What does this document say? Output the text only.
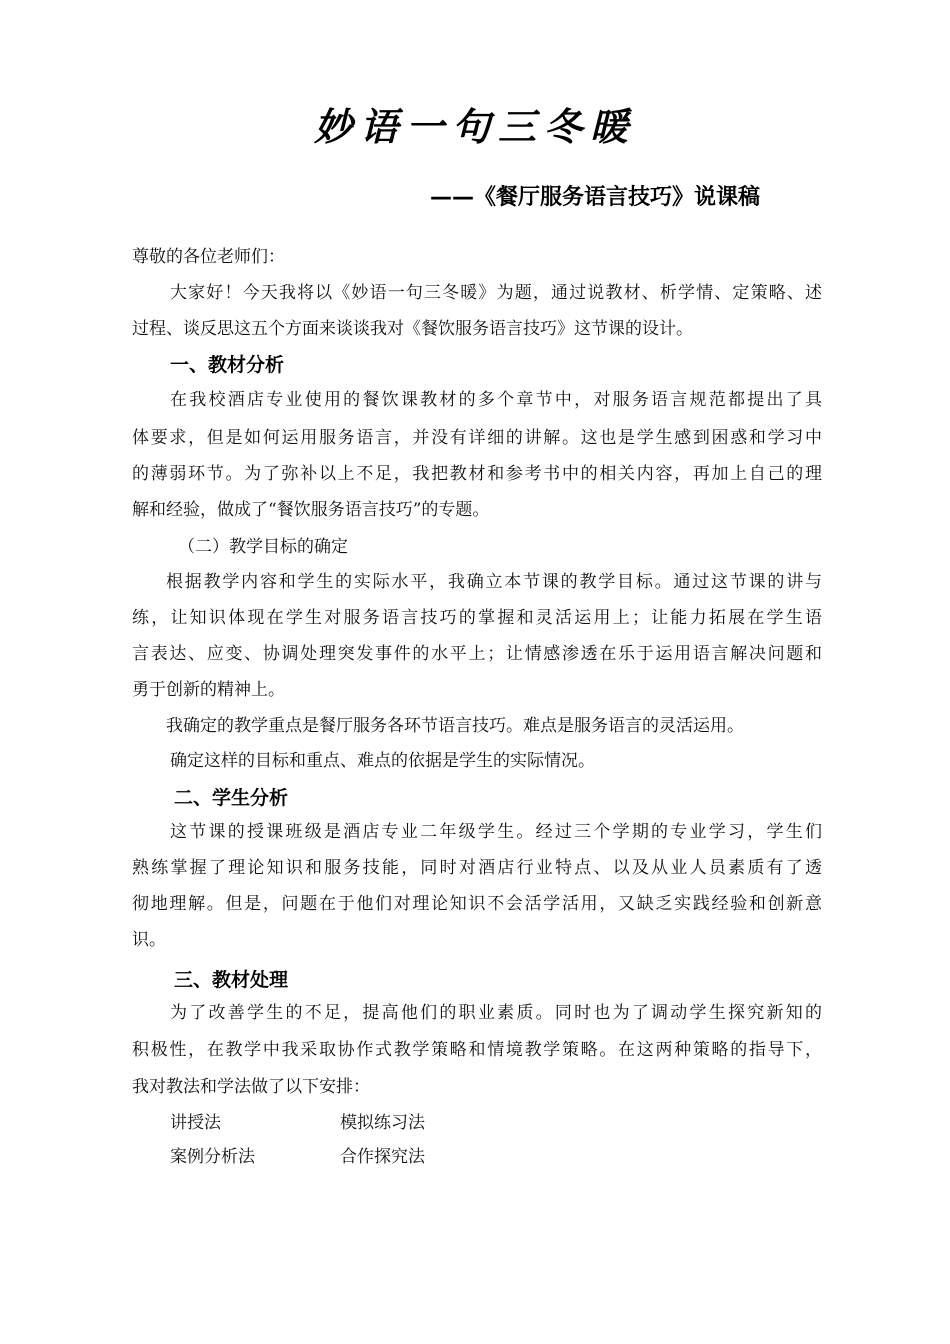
妙语一句三冬暖
——《餐厅服务语言技巧》说课稿
尊敬的各位老师们：
大家好！今天我将以《妙语一句三冬暖》为题，通过说教材、析学情、定策略、述
过程、谈反思这五个方面来谈谈我对《餐饮服务语言技巧》这节课的设计。
一、教材分析
在我校酒店专业使用的餐饮课教材的多个章节中，对服务语言规范都提出了具
体要求，但是如何运用服务语言，并没有详细的讲解。这也是学生感到困惑和学习中
的薄弱环节。为了弥补以上不足，我把教材和参考书中的相关内容，再加上自己的理
解和经验，做成了“餐饮服务语言技巧”的专题。
（二）教学目标的确定
根据教学内容和学生的实际水平，我确立本节课的教学目标。通过这节课的讲与
练，让知识体现在学生对服务语言技巧的掌握和灵活运用上；让能力拓展在学生语
言表达、应变、协调处理突发事件的水平上；让情感渗透在乐于运用语言解决问题和
勇于创新的精神上。
我确定的教学重点是餐厅服务各环节语言技巧。难点是服务语言的灵活运用。
确定这样的目标和重点、难点的依据是学生的实际情况。
二、学生分析
这节课的授课班级是酒店专业二年级学生。经过三个学期的专业学习，学生们
熟练掌握了理论知识和服务技能，同时对酒店行业特点、以及从业人员素质有了透
彻地理解。但是，问题在于他们对理论知识不会活学活用，又缺乏实践经验和创新意
识。
三、教材处理
为了改善学生的不足，提高他们的职业素质。同时也为了调动学生探究新知的
积极性，在教学中我采取协作式教学策略和情境教学策略。在这两种策略的指导下，
我对教法和学法做了以下安排：
讲授法	模拟练习法
案例分析法	合作探究法
